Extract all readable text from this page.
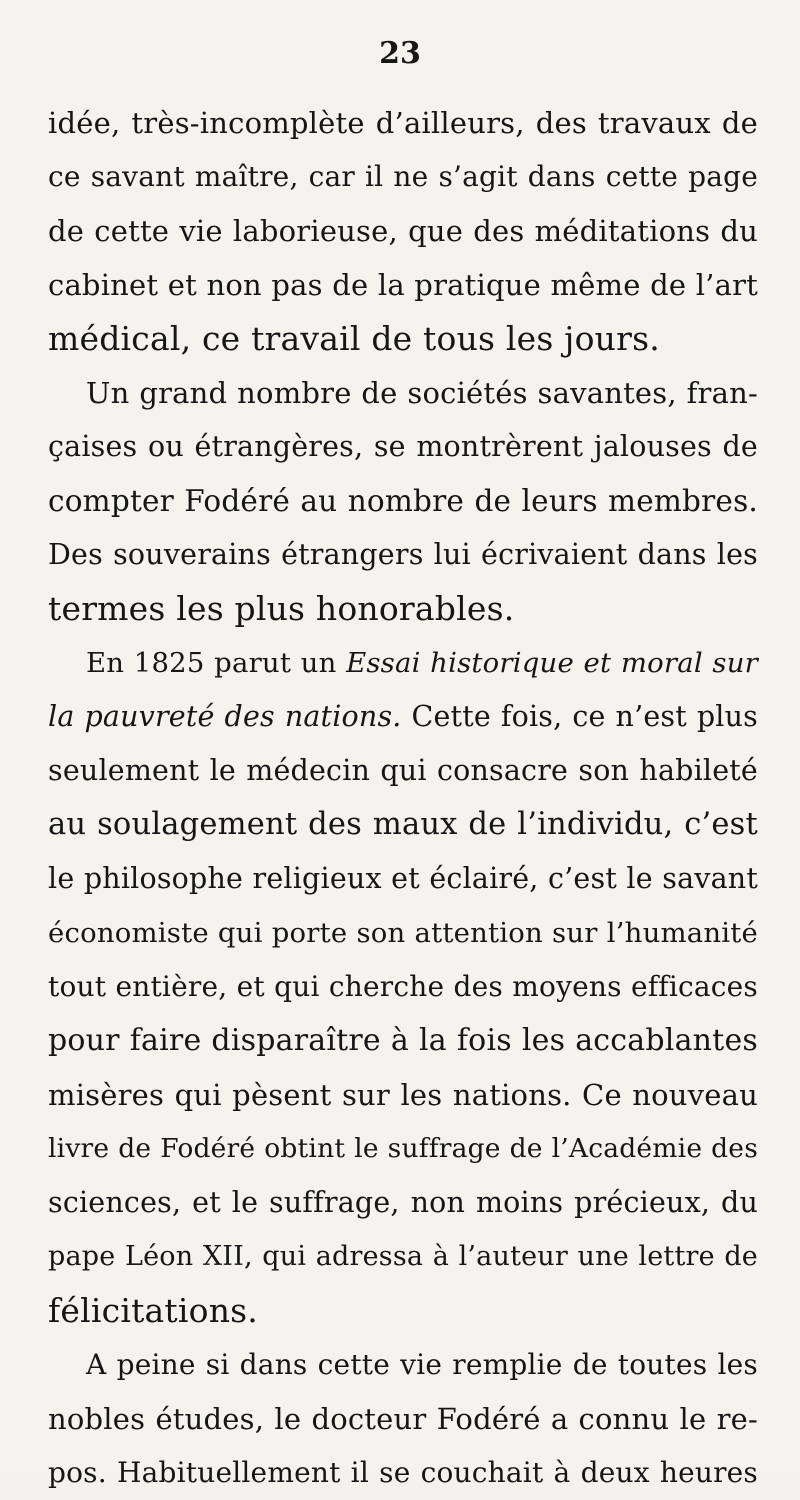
23
idée, très-incomplète d’ailleurs, des travaux de
ce savant maître, car il ne s’agit dans cette page
de cette vie laborieuse, que des méditations du
cabinet et non pas de la pratique même de l’art
médical, ce travail de tous les jours.
Un grand nombre de sociétés savantes, fran-
çaises ou étrangères, se montrèrent jalouses de
compter Fodéré au nombre de leurs membres.
Des souverains étrangers lui écrivaient dans les
termes les plus honorables.
En 1825 parut un Essai historique et moral sur
la pauvreté des nations. Cette fois, ce n’est plus
seulement le médecin qui consacre son habileté
au soulagement des maux de l’individu, c’est
le philosophe religieux et éclairé, c’est le savant
économiste qui porte son attention sur l’humanité
tout entière, et qui cherche des moyens efficaces
pour faire disparaître à la fois les accablantes
misères qui pèsent sur les nations. Ce nouveau
livre de Fodéré obtint le suffrage de l’Académie des
sciences, et le suffrage, non moins précieux, du
pape Léon XII, qui adressa à l’auteur une lettre de
félicitations.
A peine si dans cette vie remplie de toutes les
nobles études, le docteur Fodéré a connu le re-
pos. Habituellement il se couchait à deux heures
